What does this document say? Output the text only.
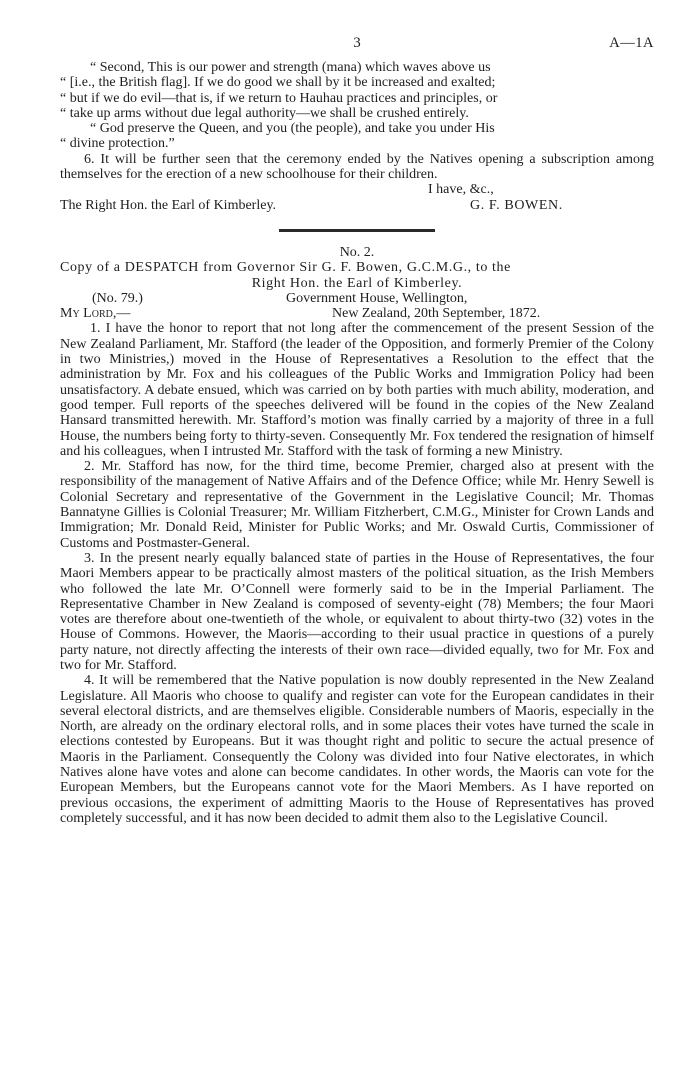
3	A—1A

“ Second, This is our power and strength (mana) which waves above us

“ [i.e., the British flag]. If we do good we shall by it be increased and exalted;

“ but if we do evil—that is, if we return to Hauhau practices and principles, or

“ take up arms without due legal authority—we shall be crushed entirely.

“ God preserve the Queen, and you (the people), and take you under His

“ divine protection.”

6. It will be further seen that the ceremony ended by the Natives opening a subscription among themselves for the erection of a new schoolhouse for their children.

I have, &c.,
The Right Hon. the Earl of Kimberley.	G. F. BOWEN.

No. 2.

Copy of a DESPATCH from Governor Sir G. F. Bowen, G.C.M.G., to the

Right Hon. the Earl of Kimberley.

(No. 79.)	Government House, Wellington,
My Lord,—	New Zealand, 20th September, 1872.

1. I have the honor to report that not long after the commencement of the present Session of the New Zealand Parliament, Mr. Stafford (the leader of the Opposition, and formerly Premier of the Colony in two Ministries,) moved in the House of Representatives a Resolution to the effect that the administration by Mr. Fox and his colleagues of the Public Works and Immigration Policy had been unsatisfactory. A debate ensued, which was carried on by both parties with much ability, moderation, and good temper. Full reports of the speeches delivered will be found in the copies of the New Zealand Hansard transmitted herewith. Mr. Stafford’s motion was finally carried by a majority of three in a full House, the numbers being forty to thirty-seven. Consequently Mr. Fox tendered the resignation of himself and his colleagues, when I intrusted Mr. Stafford with the task of forming a new Ministry.

2. Mr. Stafford has now, for the third time, become Premier, charged also at present with the responsibility of the management of Native Affairs and of the Defence Office; while Mr. Henry Sewell is Colonial Secretary and representative of the Government in the Legislative Council; Mr. Thomas Bannatyne Gillies is Colonial Treasurer; Mr. William Fitzherbert, C.M.G., Minister for Crown Lands and Immigration; Mr. Donald Reid, Minister for Public Works; and Mr. Oswald Curtis, Commissioner of Customs and Postmaster-General.

3. In the present nearly equally balanced state of parties in the House of Representatives, the four Maori Members appear to be practically almost masters of the political situation, as the Irish Members who followed the late Mr. O’Connell were formerly said to be in the Imperial Parliament. The Representative Chamber in New Zealand is composed of seventy-eight (78) Members; the four Maori votes are therefore about one-twentieth of the whole, or equivalent to about thirty-two (32) votes in the House of Commons. However, the Maoris—according to their usual practice in questions of a purely party nature, not directly affecting the interests of their own race—divided equally, two for Mr. Fox and two for Mr. Stafford.

4. It will be remembered that the Native population is now doubly represented in the New Zealand Legislature. All Maoris who choose to qualify and register can vote for the European candidates in their several electoral districts, and are themselves eligible. Considerable numbers of Maoris, especially in the North, are already on the ordinary electoral rolls, and in some places their votes have turned the scale in elections contested by Europeans. But it was thought right and politic to secure the actual presence of Maoris in the Parliament. Consequently the Colony was divided into four Native electorates, in which Natives alone have votes and alone can become candidates. In other words, the Maoris can vote for the European Members, but the Europeans cannot vote for the Maori Members. As I have reported on previous occasions, the experiment of admitting Maoris to the House of Representatives has proved completely successful, and it has now been decided to admit them also to the Legislative Council.
